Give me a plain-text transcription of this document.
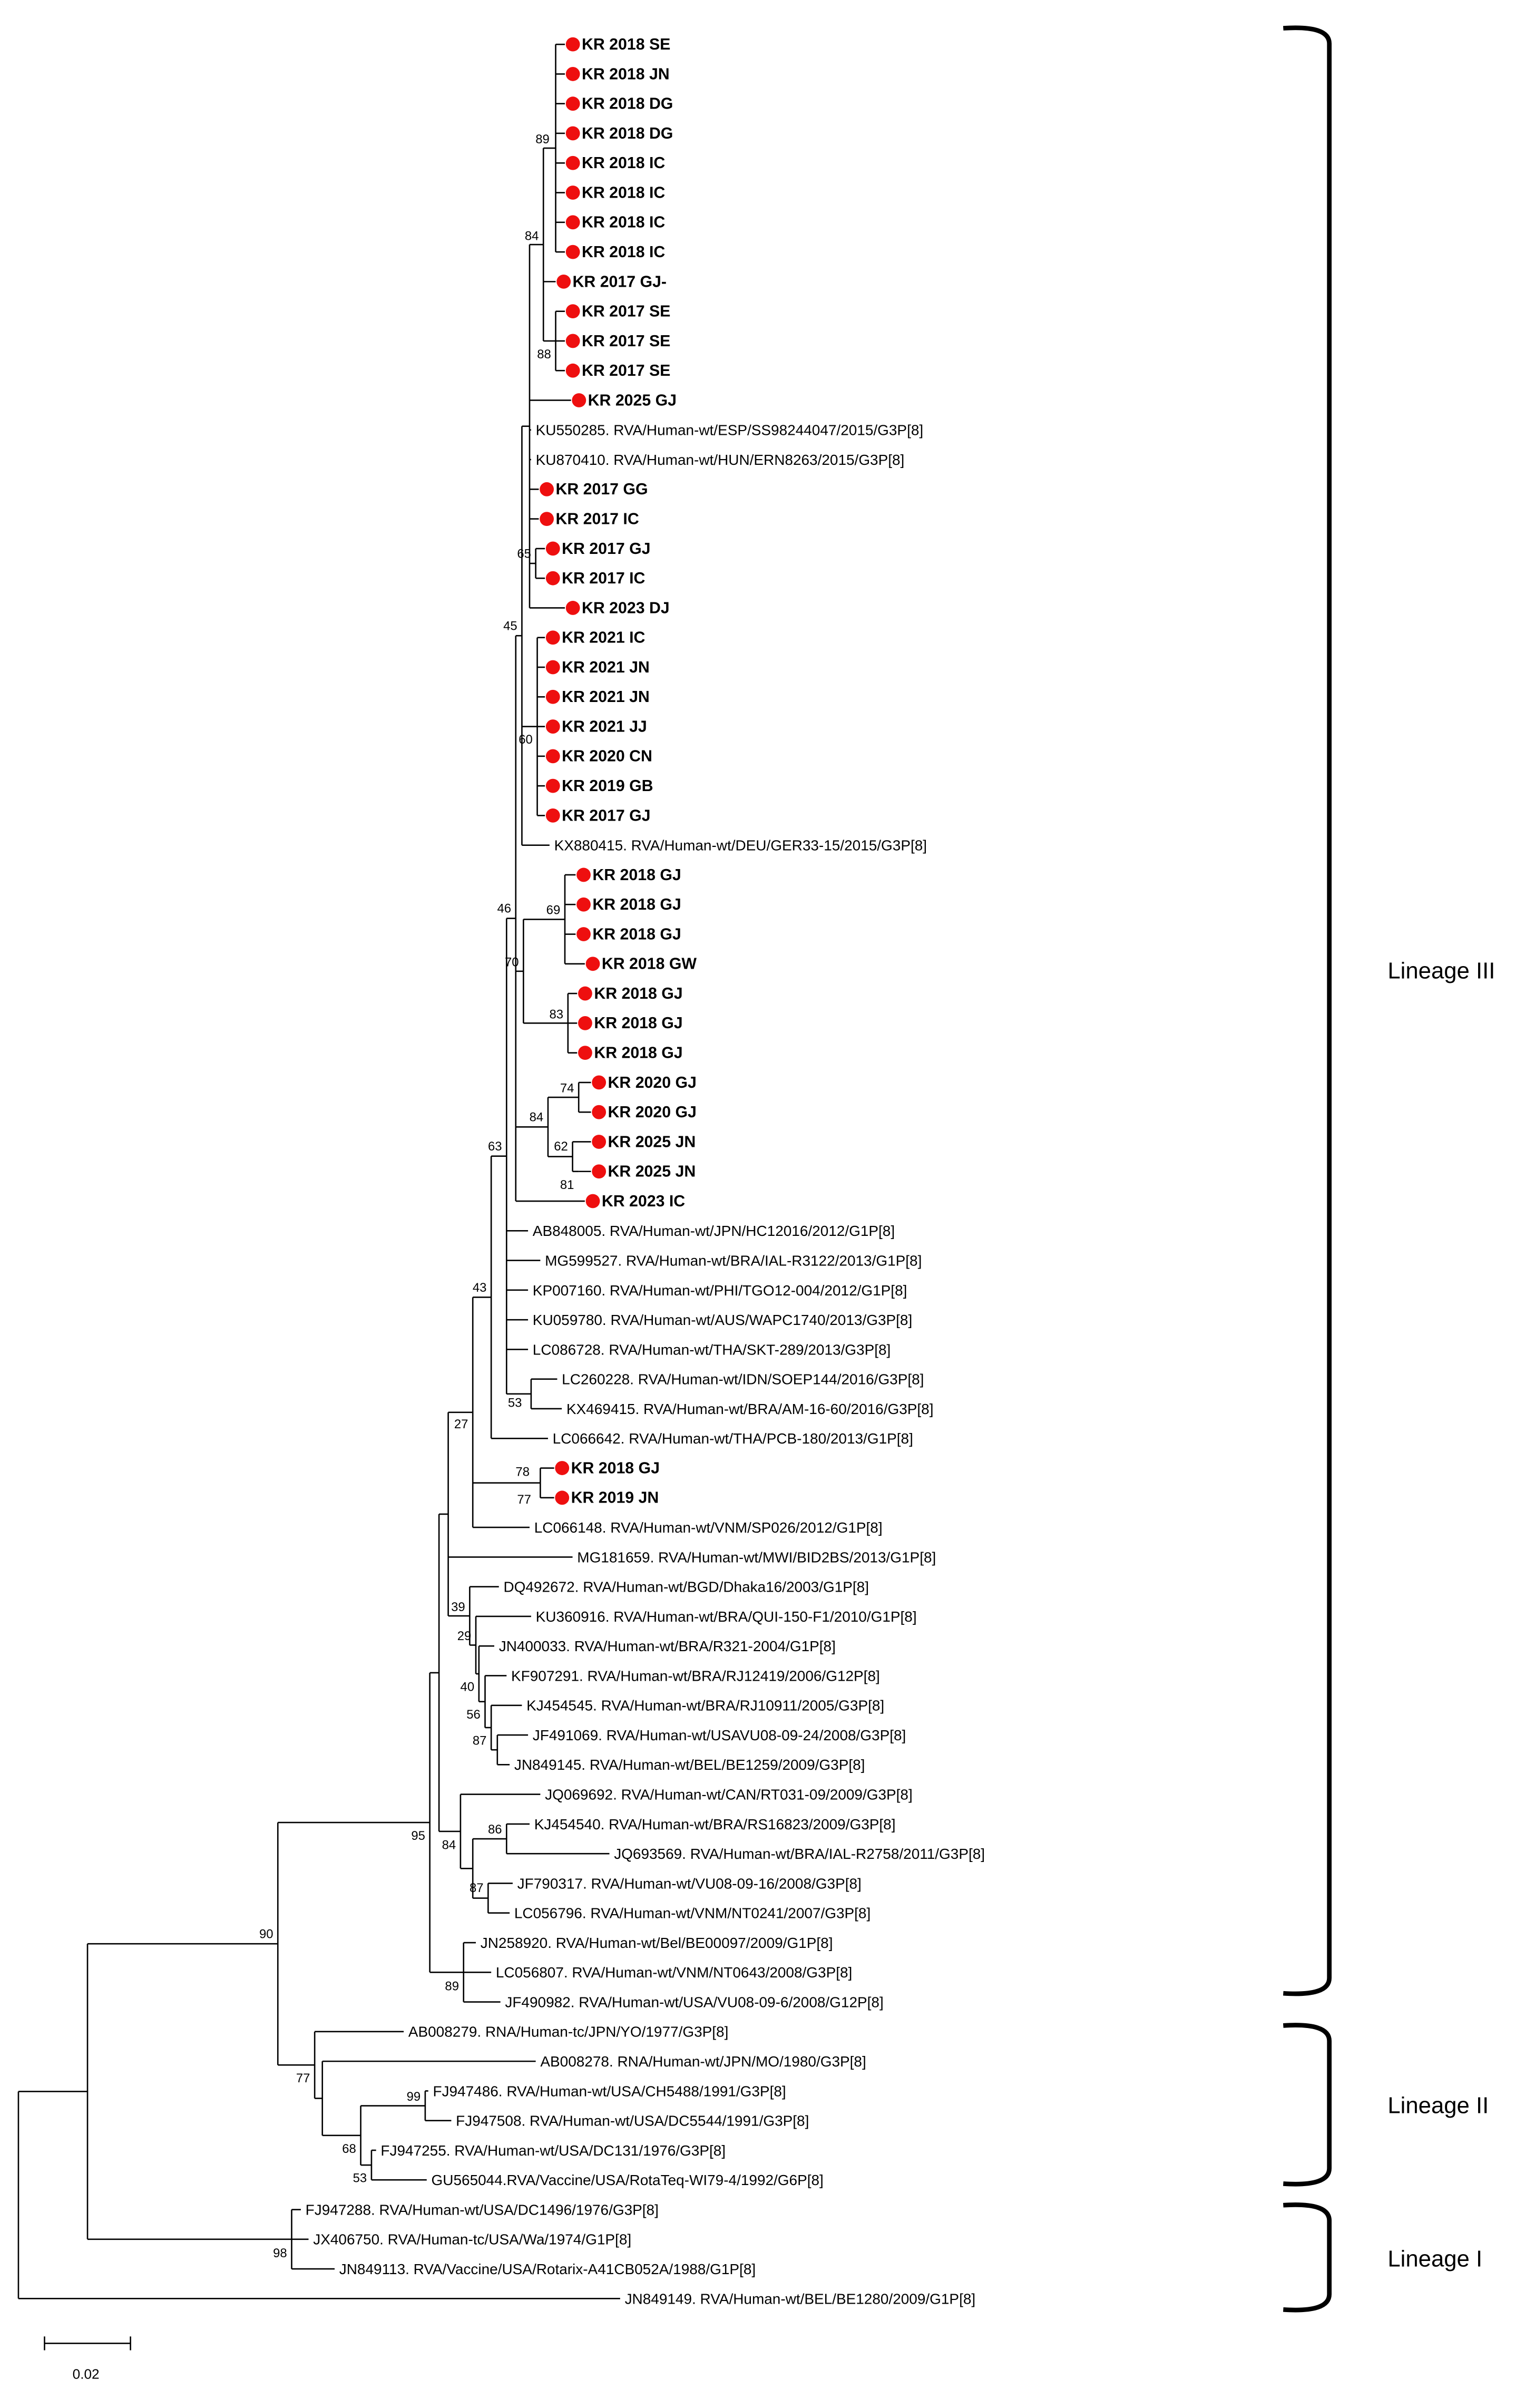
KR 2018 SE
KR 2018 JN
KR 2018 DG
KR 2018 DG
KR 2018 IC
KR 2018 IC
KR 2018 IC
KR 2018 IC
KR 2017 GJ-
KR 2017 SE
KR 2017 SE
KR 2017 SE
KR 2025 GJ
KU550285. RVA/Human-wt/ESP/SS98244047/2015/G3P[8]
KU870410. RVA/Human-wt/HUN/ERN8263/2015/G3P[8]
KR 2017 GG
KR 2017 IC
KR 2017 GJ
KR 2017 IC
KR 2023 DJ
KR 2021 IC
KR 2021 JN
KR 2021 JN
KR 2021 JJ
KR 2020 CN
KR 2019 GB
KR 2017 GJ
KX880415. RVA/Human-wt/DEU/GER33-15/2015/G3P[8]
KR 2018 GJ
KR 2018 GJ
KR 2018 GJ
KR 2018 GW
KR 2018 GJ
KR 2018 GJ
KR 2018 GJ
KR 2020 GJ
KR 2020 GJ
KR 2025 JN
KR 2025 JN
KR 2023 IC
AB848005. RVA/Human-wt/JPN/HC12016/2012/G1P[8]
MG599527. RVA/Human-wt/BRA/IAL-R3122/2013/G1P[8]
KP007160. RVA/Human-wt/PHI/TGO12-004/2012/G1P[8]
KU059780. RVA/Human-wt/AUS/WAPC1740/2013/G3P[8]
LC086728. RVA/Human-wt/THA/SKT-289/2013/G3P[8]
LC260228. RVA/Human-wt/IDN/SOEP144/2016/G3P[8]
KX469415. RVA/Human-wt/BRA/AM-16-60/2016/G3P[8]
LC066642. RVA/Human-wt/THA/PCB-180/2013/G1P[8]
KR 2018 GJ
KR 2019 JN
LC066148. RVA/Human-wt/VNM/SP026/2012/G1P[8]
MG181659. RVA/Human-wt/MWI/BID2BS/2013/G1P[8]
DQ492672. RVA/Human-wt/BGD/Dhaka16/2003/G1P[8]
KU360916. RVA/Human-wt/BRA/QUI-150-F1/2010/G1P[8]
JN400033. RVA/Human-wt/BRA/R321-2004/G1P[8]
KF907291. RVA/Human-wt/BRA/RJ12419/2006/G12P[8]
KJ454545. RVA/Human-wt/BRA/RJ10911/2005/G3P[8]
JF491069. RVA/Human-wt/USAVU08-09-24/2008/G3P[8]
JN849145. RVA/Human-wt/BEL/BE1259/2009/G3P[8]
JQ069692. RVA/Human-wt/CAN/RT031-09/2009/G3P[8]
KJ454540. RVA/Human-wt/BRA/RS16823/2009/G3P[8]
JQ693569. RVA/Human-wt/BRA/IAL-R2758/2011/G3P[8]
JF790317. RVA/Human-wt/VU08-09-16/2008/G3P[8]
LC056796. RVA/Human-wt/VNM/NT0241/2007/G3P[8]
JN258920. RVA/Human-wt/Bel/BE00097/2009/G1P[8]
LC056807. RVA/Human-wt/VNM/NT0643/2008/G3P[8]
JF490982. RVA/Human-wt/USA/VU08-09-6/2008/G12P[8]
AB008279. RNA/Human-tc/JPN/YO/1977/G3P[8]
AB008278. RNA/Human-wt/JPN/MO/1980/G3P[8]
FJ947486. RVA/Human-wt/USA/CH5488/1991/G3P[8]
FJ947508. RVA/Human-wt/USA/DC5544/1991/G3P[8]
FJ947255. RVA/Human-wt/USA/DC131/1976/G3P[8]
GU565044.RVA/Vaccine/USA/RotaTeq-WI79-4/1992/G6P[8]
FJ947288. RVA/Human-wt/USA/DC1496/1976/G3P[8]
JX406750. RVA/Human-tc/USA/Wa/1974/G1P[8]
JN849113. RVA/Vaccine/USA/Rotarix-A41CB052A/1988/G1P[8]
JN849149. RVA/Human-wt/BEL/BE1280/2009/G1P[8]
89
84
88
65
45
60
69
70
83
46
84
74
62
81
63
43
53
27
78
77
39
29
40
56
87
95
84
86
87
89
90
77
99
68
53
98
Lineage III
Lineage II
Lineage I
0.02
